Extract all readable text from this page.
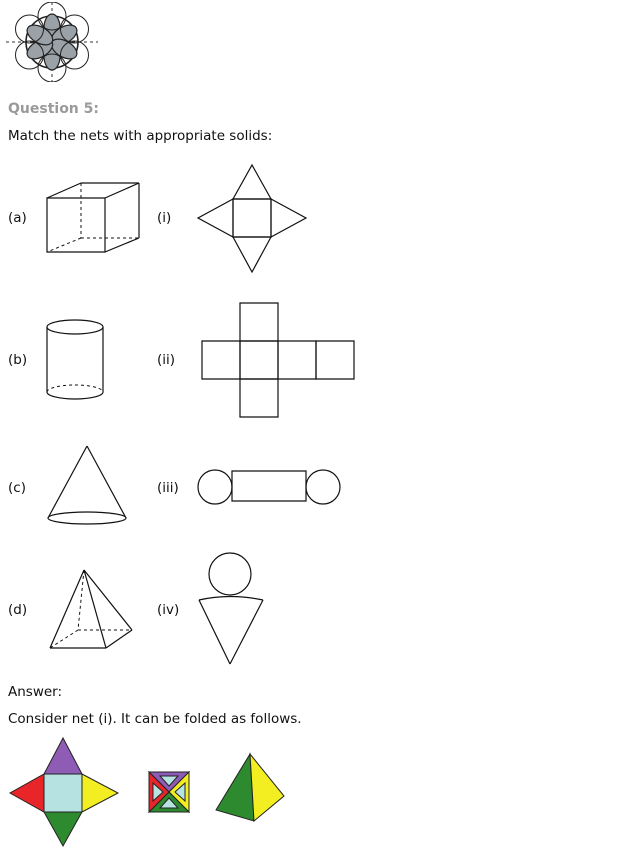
Question 5:
Match the nets with appropriate solids:
(a)	(i)
(b)	(ii)
(c)	(iii)
(d)	(iv)
Answer:
Consider net (i). It can be folded as follows.
